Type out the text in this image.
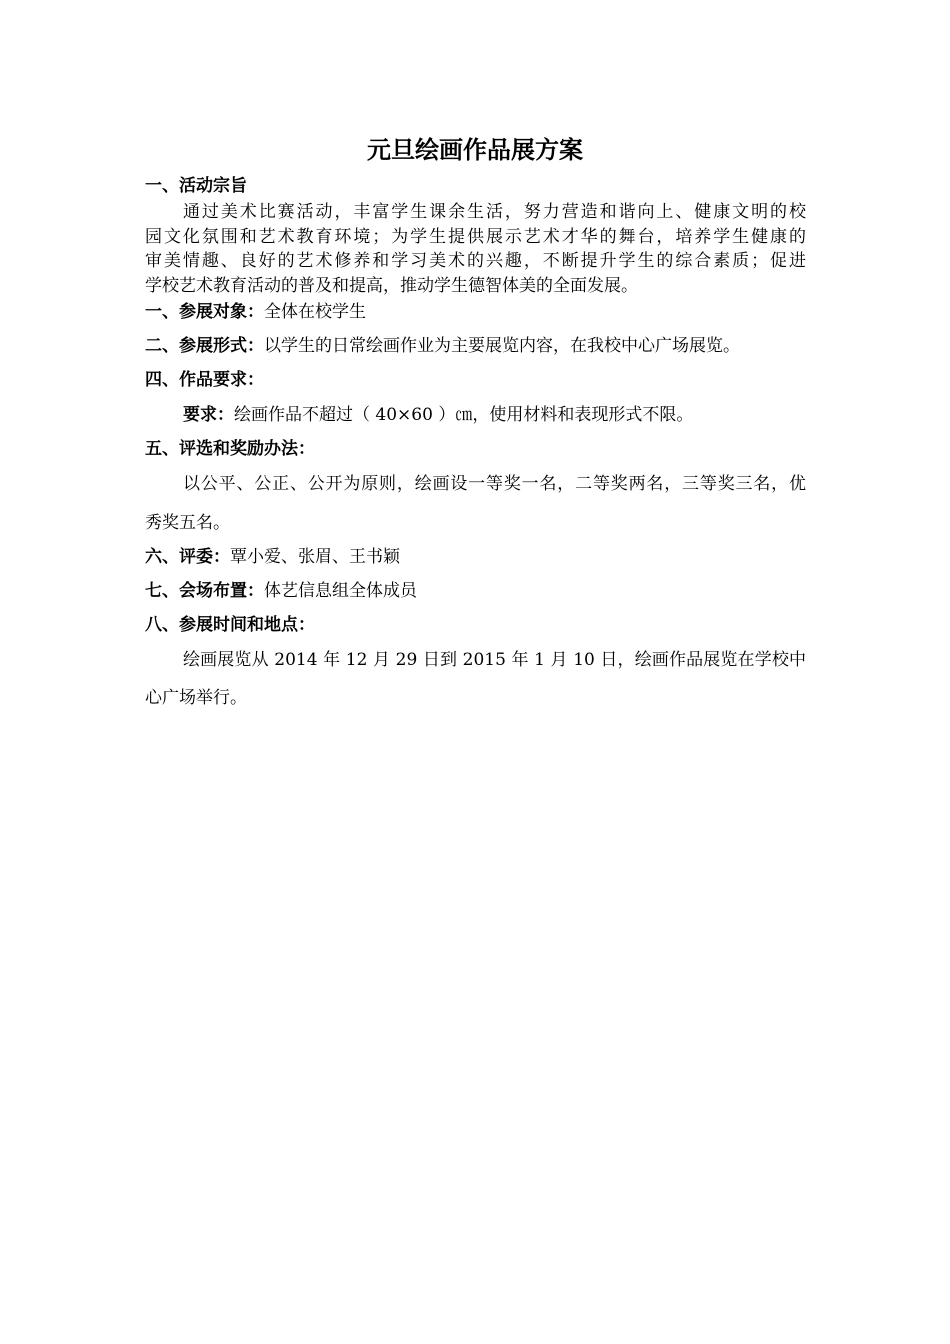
元旦绘画作品展方案
一、活动宗旨
通过美术比赛活动，丰富学生课余生活，努力营造和谐向上、健康文明的校
园文化氛围和艺术教育环境；为学生提供展示艺术才华的舞台，培养学生健康的
审美情趣、良好的艺术修养和学习美术的兴趣，不断提升学生的综合素质；促进
学校艺术教育活动的普及和提高，推动学生德智体美的全面发展。
一、参展对象：全体在校学生
二、参展形式：以学生的日常绘画作业为主要展览内容，在我校中心广场展览。
四、作品要求：
要求：绘画作品不超过（ 40×60 ）㎝，使用材料和表现形式不限。
五、评选和奖励办法：
以公平、公正、公开为原则，绘画设一等奖一名，二等奖两名，三等奖三名，优
秀奖五名。
六、评委：覃小爱、张眉、王书颖
七、会场布置：体艺信息组全体成员
八、参展时间和地点：
绘画展览从 2014 年 12 月 29 日到 2015 年 1 月 10 日，绘画作品展览在学校中
心广场举行。
